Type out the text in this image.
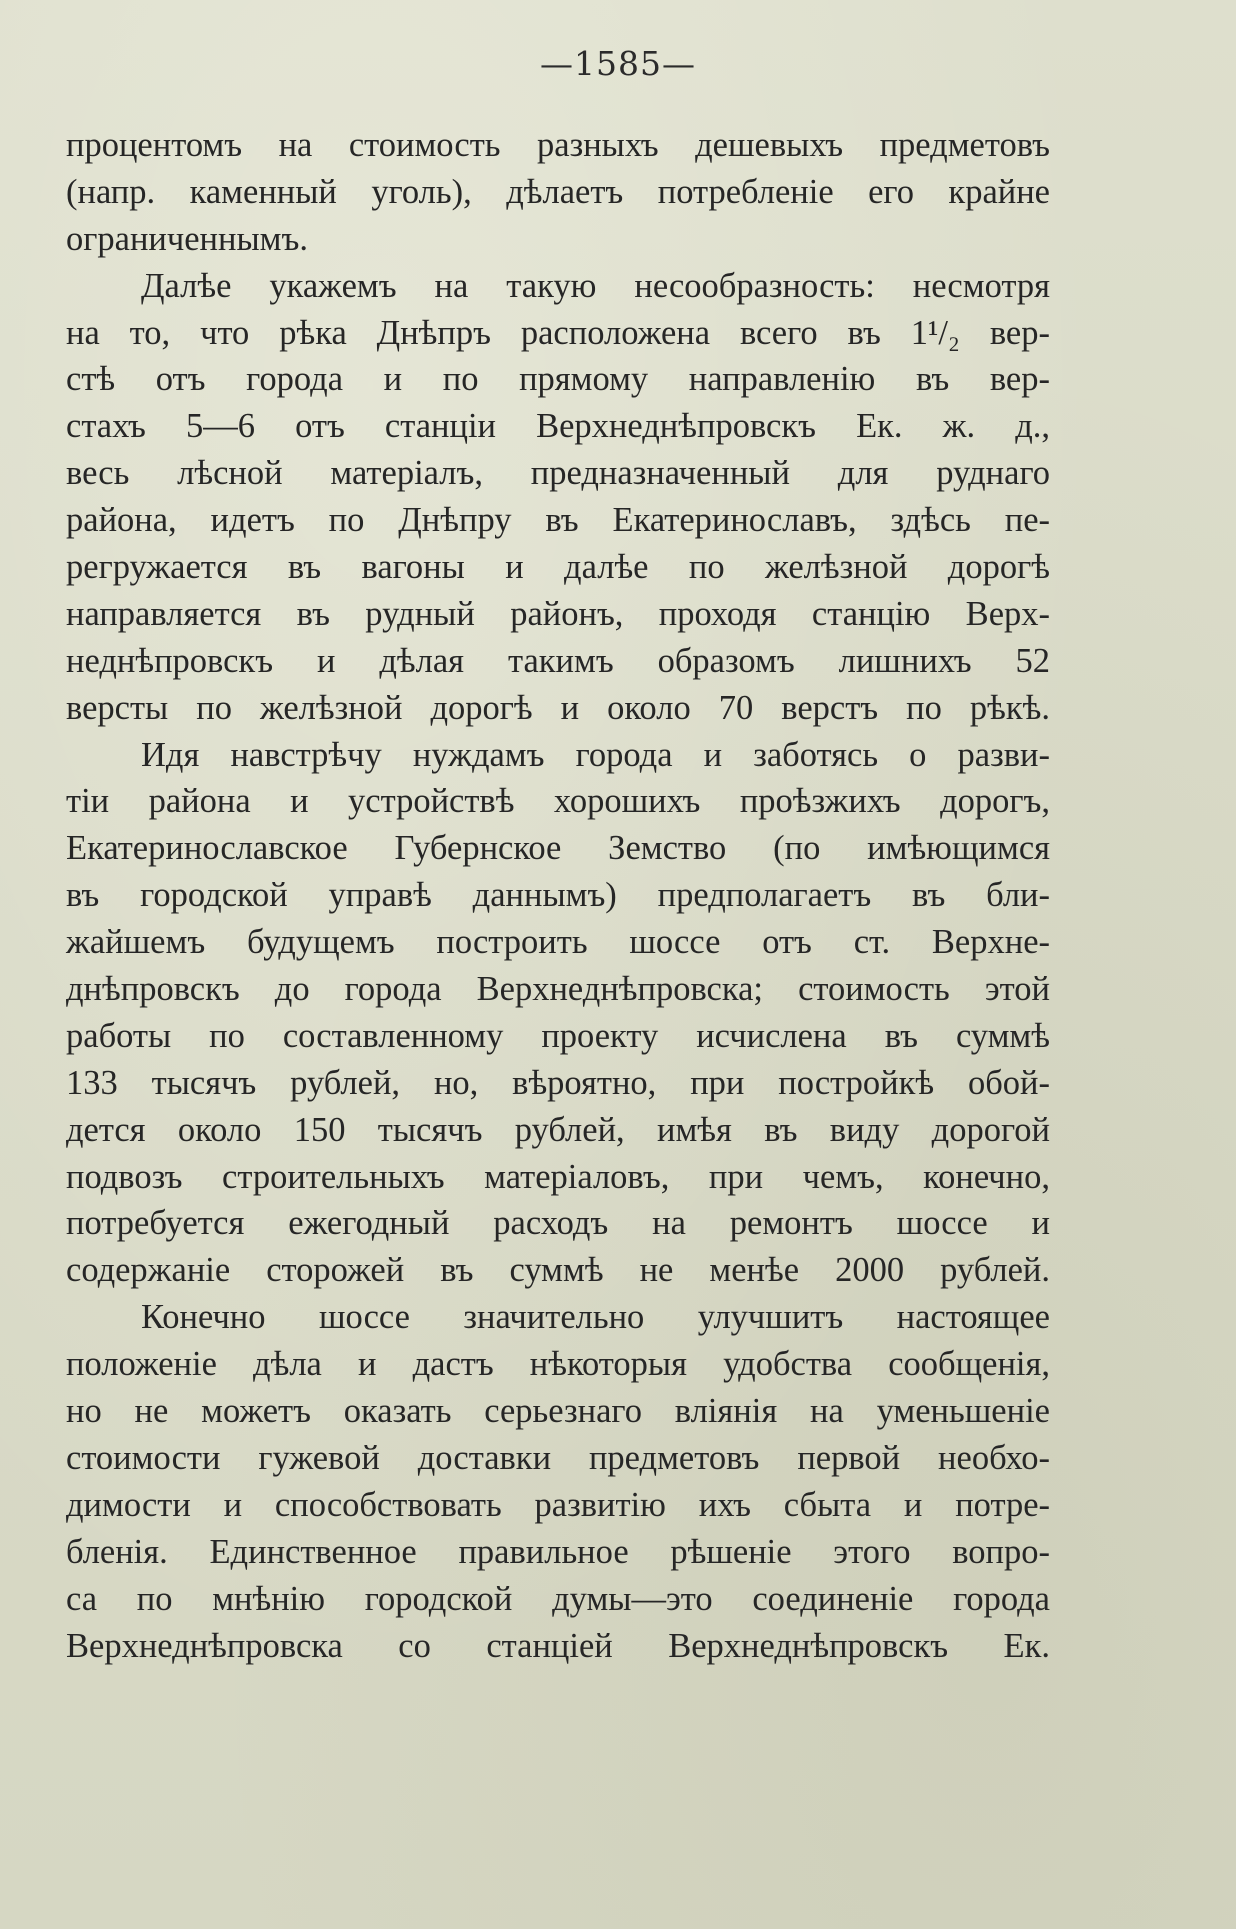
—1585—
процентомъ на стоимость разныхъ дешевыхъ предметовъ
(напр. каменный уголь), дѣлаетъ потребленіе его крайне
ограниченнымъ.
Далѣе укажемъ на такую несообразность: несмотря
на то, что рѣка Днѣпръ расположена всего въ 1¹/₂ вер-
стѣ отъ города и по прямому направленію въ вер-
стахъ 5—6 отъ станціи Верхнеднѣпровскъ Ек. ж. д.,
весь лѣсной матеріалъ, предназначенный для руднаго
района, идетъ по Днѣпру въ Екатеринославъ, здѣсь пе-
регружается въ вагоны и далѣе по желѣзной дорогѣ
направляется въ рудный районъ, проходя станцію Верх-
неднѣпровскъ и дѣлая такимъ образомъ лишнихъ 52
версты по желѣзной дорогѣ и около 70 верстъ по рѣкѣ.
Идя навстрѣчу нуждамъ города и заботясь о разви-
тіи района и устройствѣ хорошихъ проѣзжихъ дорогъ,
Екатеринославское Губернское Земство (по имѣющимся
въ городской управѣ даннымъ) предполагаетъ въ бли-
жайшемъ будущемъ построить шоссе отъ ст. Верхне-
днѣпровскъ до города Верхнеднѣпровска; стоимость этой
работы по составленному проекту исчислена въ суммѣ
133 тысячъ рублей, но, вѣроятно, при постройкѣ обой-
дется около 150 тысячъ рублей, имѣя въ виду дорогой
подвозъ строительныхъ матеріаловъ, при чемъ, конечно,
потребуется ежегодный расходъ на ремонтъ шоссе и
содержаніе сторожей въ суммѣ не менѣе 2000 рублей.
Конечно шоссе значительно улучшитъ настоящее
положеніе дѣла и дастъ нѣкоторыя удобства сообщенія,
но не можетъ оказать серьезнаго вліянія на уменьшеніе
стоимости гужевой доставки предметовъ первой необхо-
димости и способствовать развитію ихъ сбыта и потре-
бленія. Единственное правильное рѣшеніе этого вопро-
са по мнѣнію городской думы—это соединеніе города
Верхнеднѣпровска со станціей Верхнеднѣпровскъ Ек.
